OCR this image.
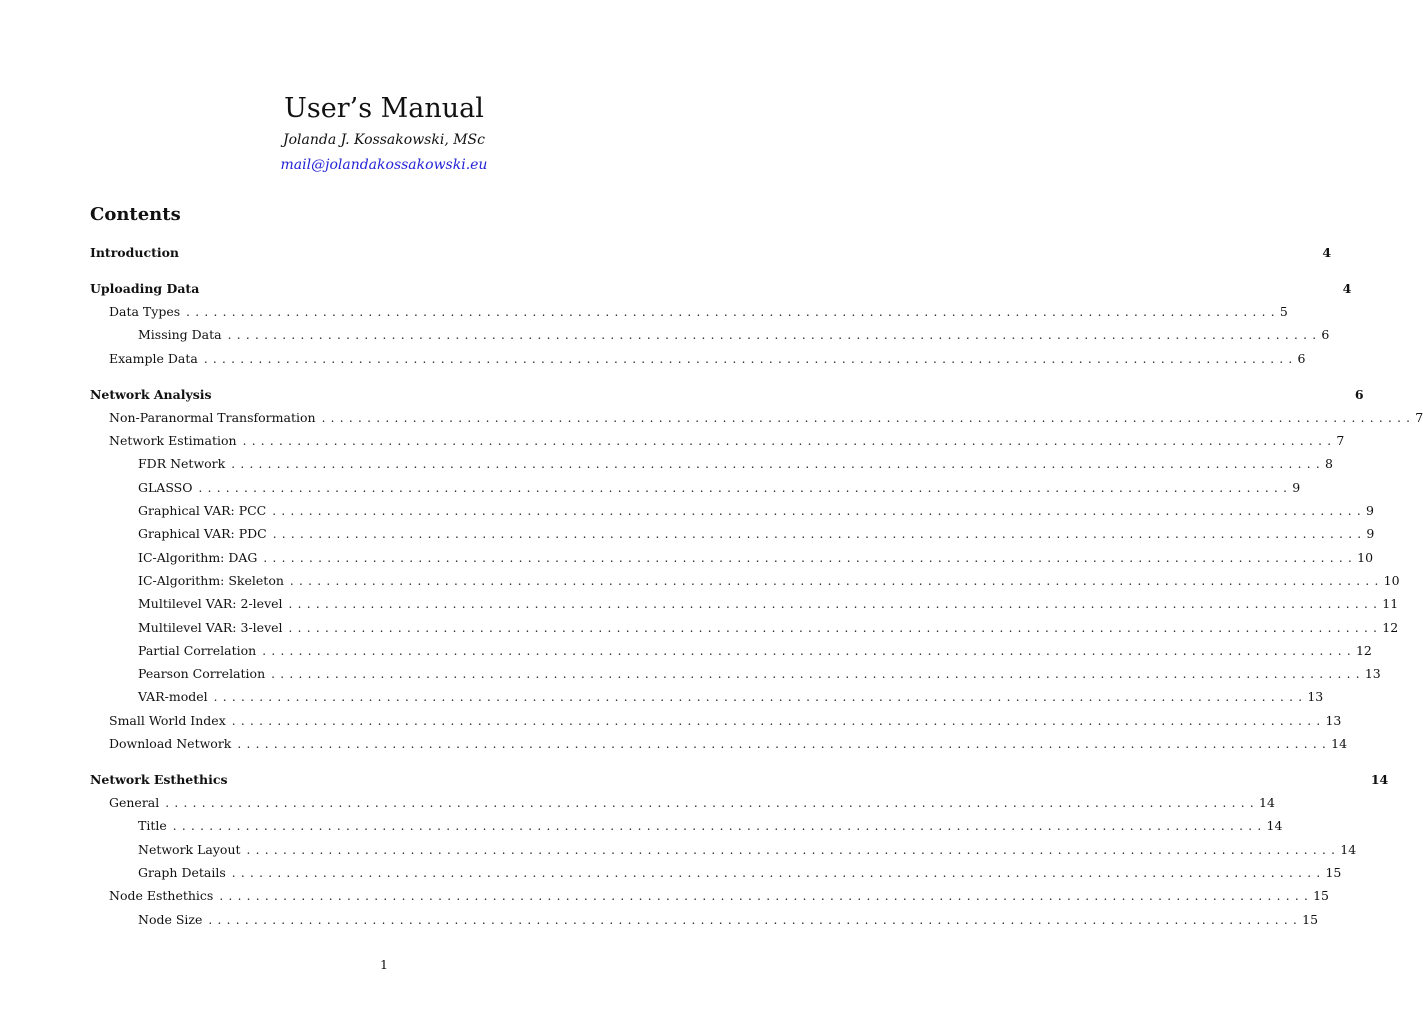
User’s Manual
Jolanda J. Kossakowski, MSc
mail@jolandakossakowski.eu
Contents
Introduction	4
Uploading Data	4
Data Types ........................................................................................................................ 5
Missing Data ........................................................................................................................ 6
Example Data ........................................................................................................................ 6
Network Analysis	6
Non-Paranormal Transformation ........................................................................................................................ 7
Network Estimation ........................................................................................................................ 7
FDR Network ........................................................................................................................ 8
GLASSO ........................................................................................................................ 9
Graphical VAR: PCC ........................................................................................................................ 9
Graphical VAR: PDC ........................................................................................................................ 9
IC-Algorithm: DAG ........................................................................................................................ 10
IC-Algorithm: Skeleton ........................................................................................................................ 10
Multilevel VAR: 2-level ........................................................................................................................ 11
Multilevel VAR: 3-level ........................................................................................................................ 12
Partial Correlation ........................................................................................................................ 12
Pearson Correlation ........................................................................................................................ 13
VAR-model ........................................................................................................................ 13
Small World Index ........................................................................................................................ 13
Download Network ........................................................................................................................ 14
Network Esthethics	14
General ........................................................................................................................ 14
Title ........................................................................................................................ 14
Network Layout ........................................................................................................................ 14
Graph Details ........................................................................................................................ 15
Node Esthethics ........................................................................................................................ 15
Node Size ........................................................................................................................ 15
1
